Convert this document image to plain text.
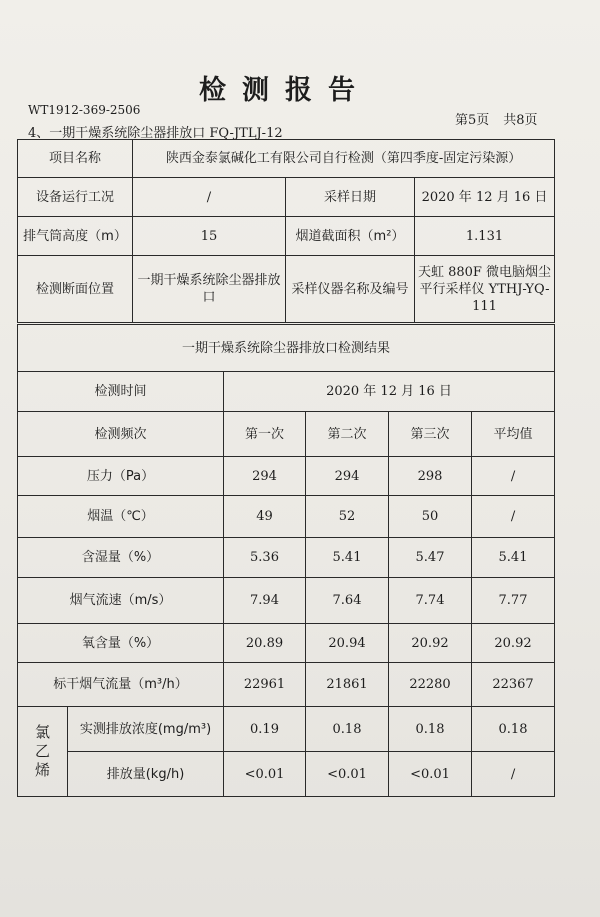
检测报告
WT1912-369-2506
4、一期干燥系统除尘器排放口 FQ-JTLJ-12
第5页 共8页
项目名称	陕西金泰氯碱化工有限公司自行检测（第四季度-固定污染源）		
设备运行工况	/	采样日期	2020 年 12 月 16 日
排气筒高度（m）	15	烟道截面积（m²）	1.131
检测断面位置	一期干燥系统除尘器排放口	采样仪器名称及编号	天虹 880F 微电脑烟尘平行采样仪 YTHJ-YQ-111
一期干燥系统除尘器排放口检测结果					
检测时间		2020 年 12 月 16 日			
检测频次		第一次	第二次	第三次	平均值
压力（Pa）		294	294	298	/
烟温（℃）		49	52	50	/
含湿量（%）		5.36	5.41	5.47	5.41
烟气流速（m/s）		7.94	7.64	7.74	7.77
氧含量（%）		20.89	20.94	20.92	20.92
标干烟气流量（m³/h）		22961	21861	22280	22367
氯
乙
烯	实测排放浓度(mg/m³)	0.19	0.18	0.18	0.18
	排放量(kg/h)	<0.01	<0.01	<0.01	/
